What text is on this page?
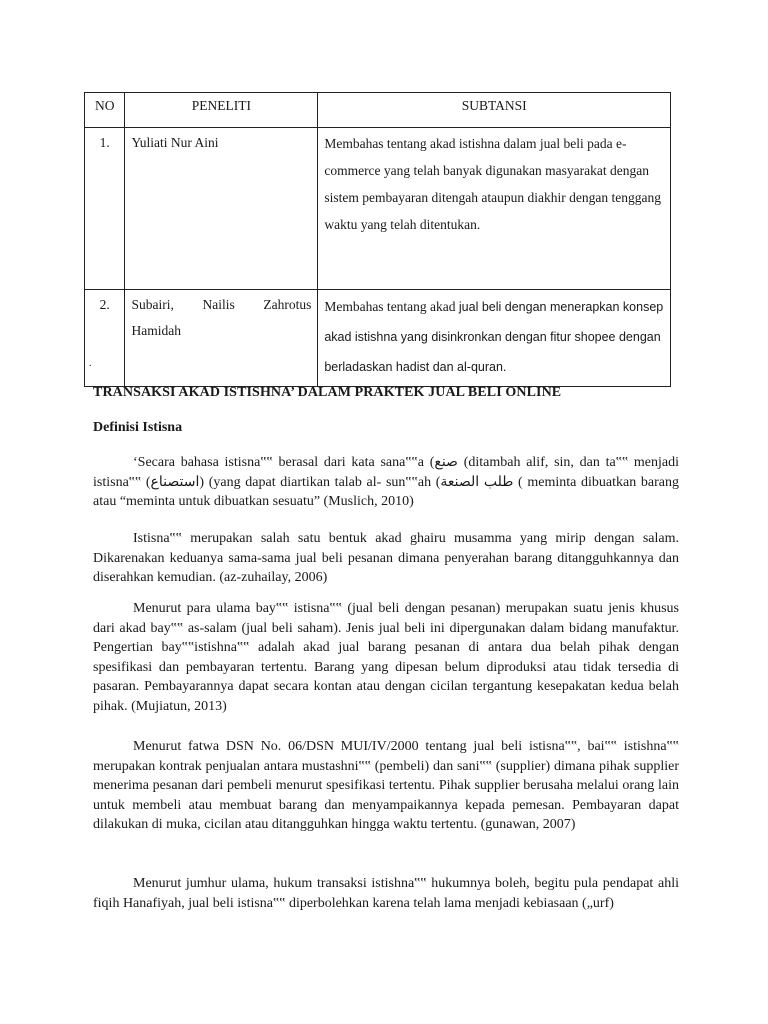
NO	PENELITI	SUBTANSI
1.	Yuliati Nur Aini	Membahas tentang akad istishna dalam jual beli pada e-commerce yang telah banyak digunakan masyarakat dengan sistem pembayaran ditengah ataupun diakhir dengan tenggang waktu yang telah ditentukan.
2.	Subairi, Nailis Zahrotus Hamidah	Membahas tentang akad jual beli dengan menerapkan konsep akad istishna yang disinkronkan dengan fitur shopee dengan berladaskan hadist dan al-quran.
.
TRANSAKSI AKAD ISTISHNA’ DALAM PRAKTEK JUAL BELI ONLINE
Definisi Istisna

‘Secara bahasa istisna‟‟ berasal dari kata sana‟‟a (صنع (ditambah alif, sin, dan ta‟‟ menjadi istisna‟‟ (استصناع) (yang dapat diartikan talab al- sun‟‟ah (طلب الصنعة ( meminta dibuatkan barang atau “meminta untuk dibuatkan sesuatu” (Muslich, 2010)

Istisna‟‟ merupakan salah satu bentuk akad ghairu musamma yang mirip dengan salam. Dikarenakan keduanya sama-sama jual beli pesanan dimana penyerahan barang ditangguhkannya dan diserahkan kemudian. (az-zuhailay, 2006)

Menurut para ulama bay‟‟ istisna‟‟ (jual beli dengan pesanan) merupakan suatu jenis khusus dari akad bay‟‟ as-salam (jual beli saham). Jenis jual beli ini dipergunakan dalam bidang manufaktur. Pengertian bay‟‟istishna‟‟ adalah akad jual barang pesanan di antara dua belah pihak dengan spesifikasi dan pembayaran tertentu. Barang yang dipesan belum diproduksi atau tidak tersedia di pasaran. Pembayarannya dapat secara kontan atau dengan cicilan tergantung kesepakatan kedua belah pihak. (Mujiatun, 2013)

Menurut fatwa DSN No. 06/DSN MUI/IV/2000 tentang jual beli istisna‟‟, bai‟‟ istishna‟‟ merupakan kontrak penjualan antara mustashni‟‟ (pembeli) dan sani‟‟ (supplier) dimana pihak supplier menerima pesanan dari pembeli menurut spesifikasi tertentu. Pihak supplier berusaha melalui orang lain untuk membeli atau membuat barang dan menyampaikannya kepada pemesan. Pembayaran dapat dilakukan di muka, cicilan atau ditangguhkan hingga waktu tertentu. (gunawan, 2007)

Menurut jumhur ulama, hukum transaksi istishna‟‟ hukumnya boleh, begitu pula pendapat ahli fiqih Hanafiyah, jual beli istisna‟‟ diperbolehkan karena telah lama menjadi kebiasaan („urf)
